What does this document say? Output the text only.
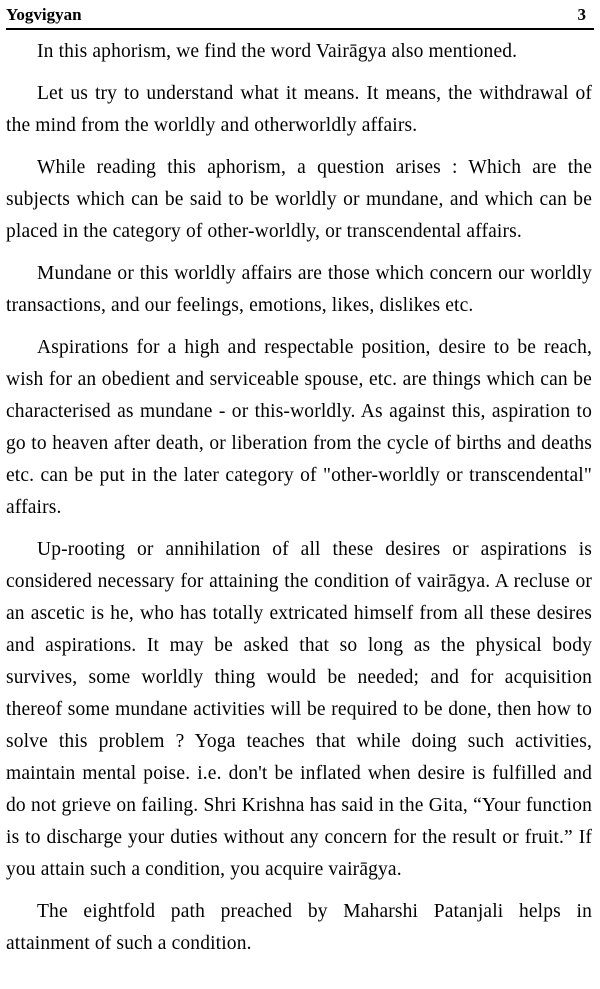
Yogvigyan	3

In this aphorism, we find the word Vairāgya also mentioned.

Let us try to understand what it means. It means, the withdrawal of the mind from the worldly and otherworldly affairs.

While reading this aphorism, a question arises : Which are the subjects which can be said to be worldly or mundane, and which can be placed in the category of other-worldly, or transcendental affairs.

Mundane or this worldly affairs are those which concern our worldly transactions, and our feelings, emotions, likes, dislikes etc.

Aspirations for a high and respectable position, desire to be reach, wish for an obedient and serviceable spouse, etc. are things which can be characterised as mundane - or this-worldly. As against this, aspiration to go to heaven after death, or liberation from the cycle of births and deaths etc. can be put in the later category of "other-worldly or transcendental" affairs.

Up-rooting or annihilation of all these desires or aspirations is considered necessary for attaining the condition of vairāgya. A recluse or an ascetic is he, who has totally extricated himself from all these desires and aspirations. It may be asked that so long as the physical body survives, some worldly thing would be needed; and for acquisition thereof some mundane activities will be required to be done, then how to solve this problem ? Yoga teaches that while doing such activities, maintain mental poise. i.e. don't be inflated when desire is fulfilled and do not grieve on failing. Shri Krishna has said in the Gita, “Your function is to discharge your duties without any concern for the result or fruit.” If you attain such a condition, you acquire vairāgya.

The eightfold path preached by Maharshi Patanjali helps in attainment of such a condition.
